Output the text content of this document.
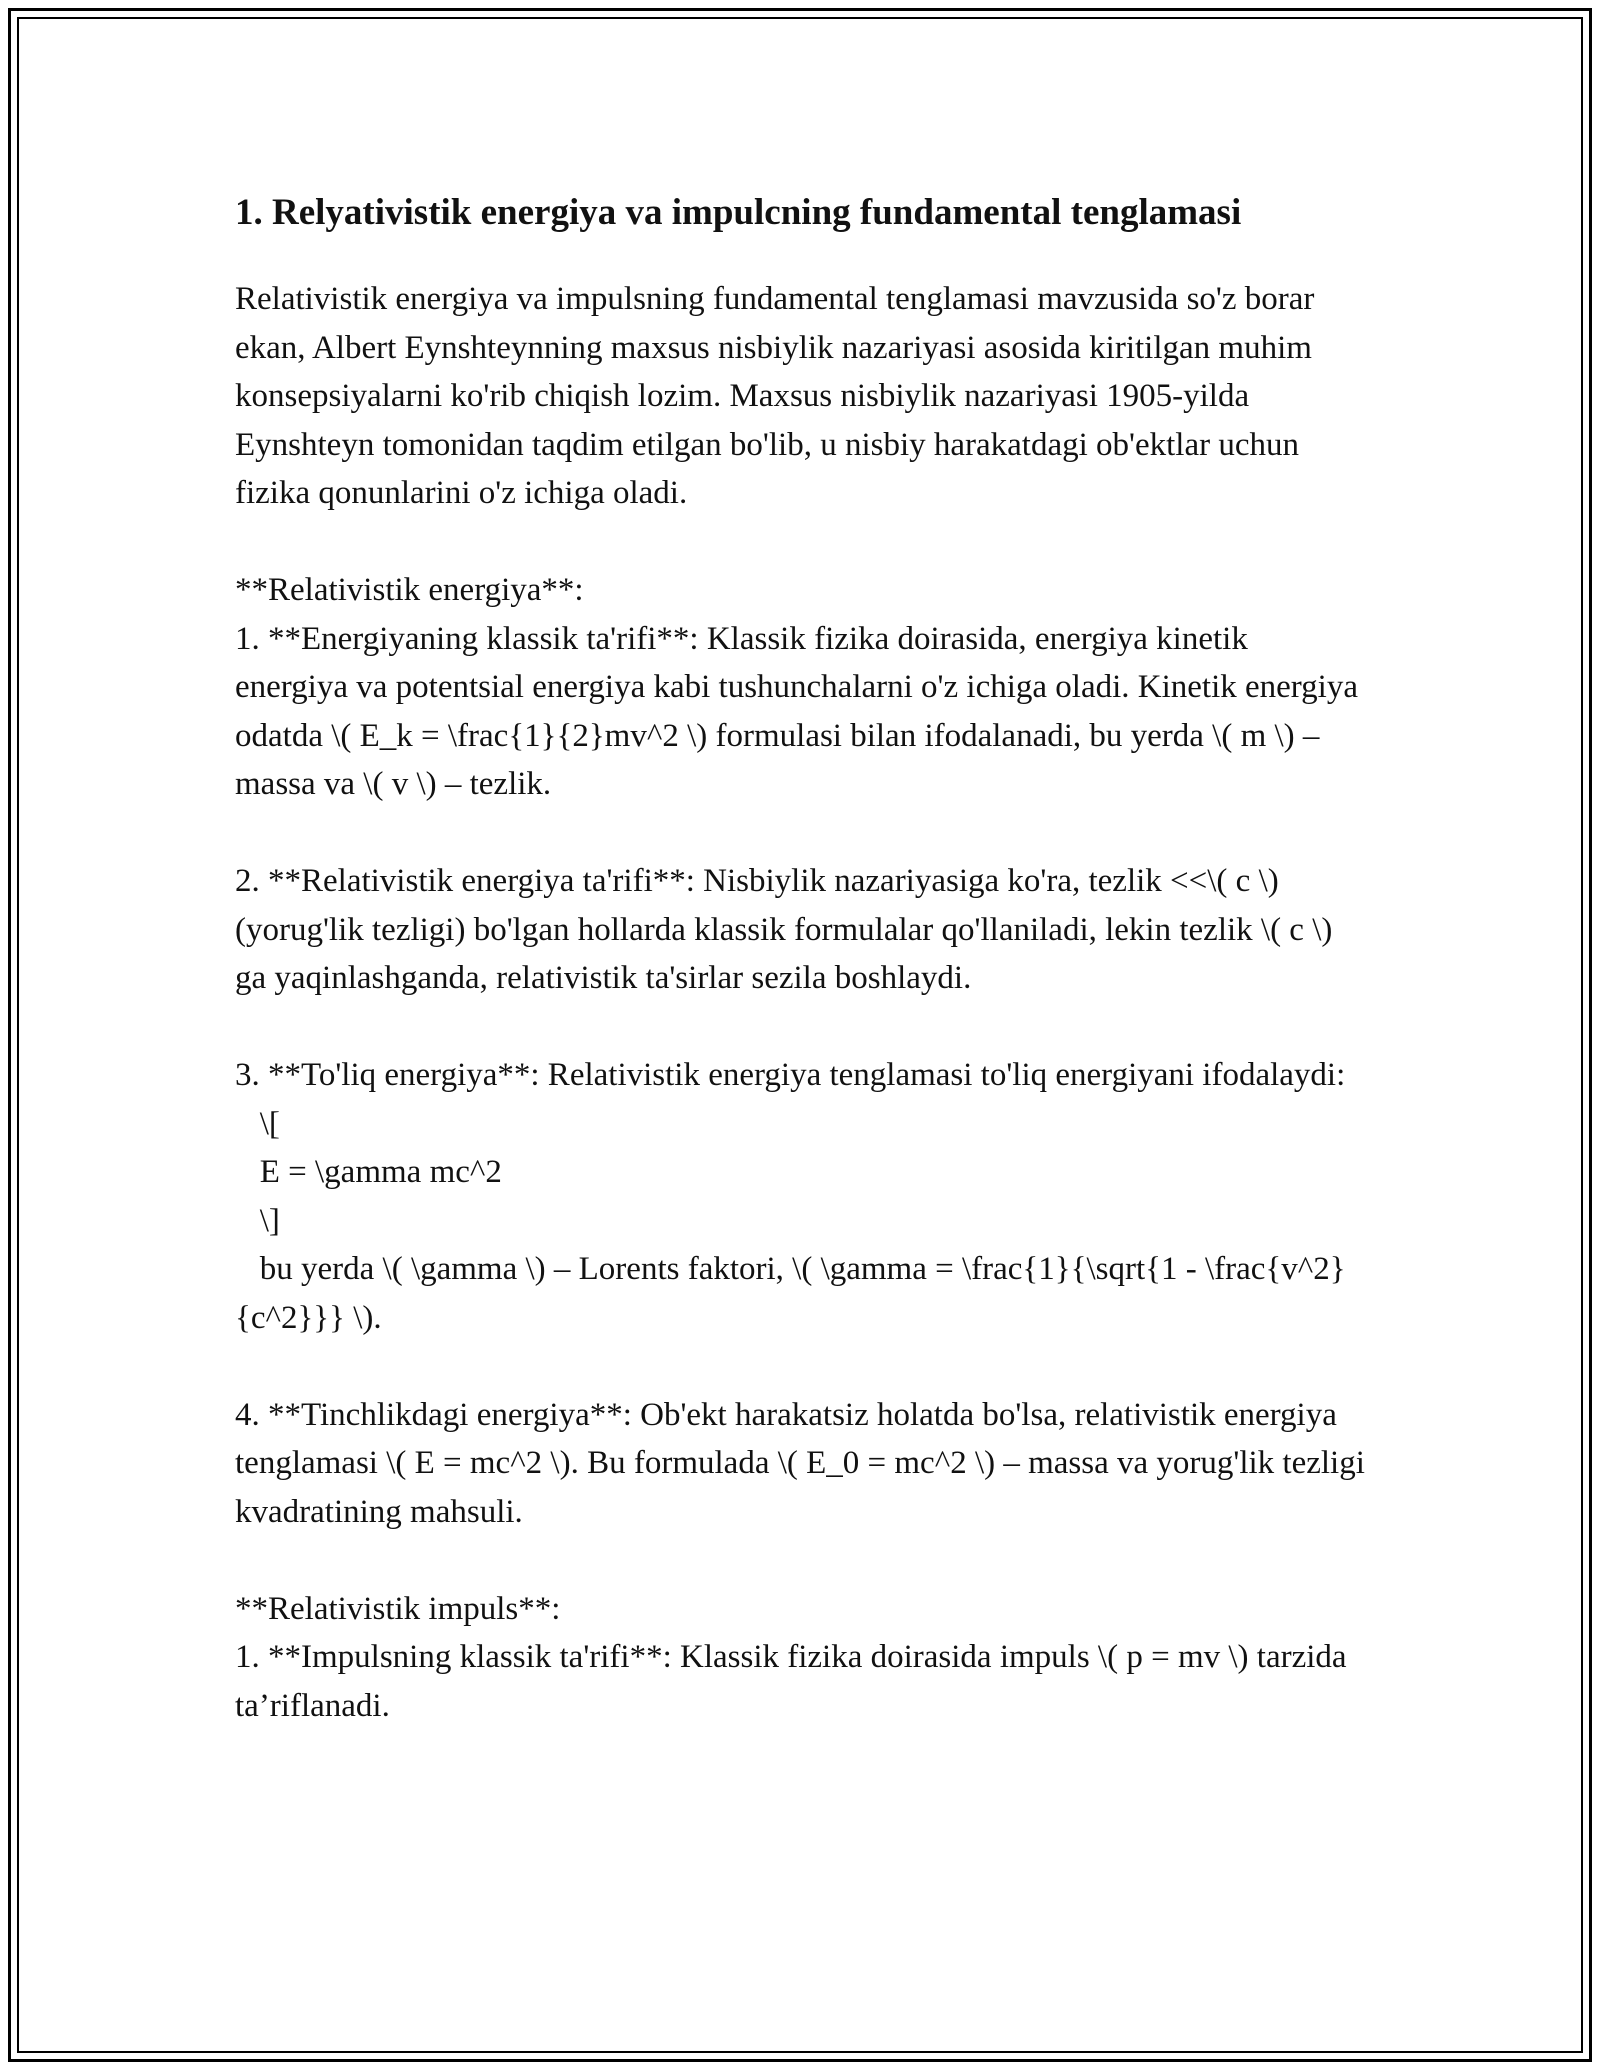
1. Relyativistik energiya va impulcning fundamental tenglamasi

Relativistik energiya va impulsning fundamental tenglamasi mavzusida so'z borar ekan, Albert Eynshteynning maxsus nisbiylik nazariyasi asosida kiritilgan muhim konsepsiyalarni ko'rib chiqish lozim. Maxsus nisbiylik nazariyasi 1905-yilda Eynshteyn tomonidan taqdim etilgan bo'lib, u nisbiy harakatdagi ob'ektlar uchun fizika qonunlarini o'z ichiga oladi.

**Relativistik energiya**:
1. **Energiyaning klassik ta'rifi**: Klassik fizika doirasida, energiya kinetik energiya va potentsial energiya kabi tushunchalarni o'z ichiga oladi. Kinetik energiya odatda \( E_k = \frac{1}{2}mv^2 \) formulasi bilan ifodalanadi, bu yerda \( m \) – massa va \( v \) – tezlik.

2. **Relativistik energiya ta'rifi**: Nisbiylik nazariyasiga ko'ra, tezlik <<\( c \) (yorug'lik tezligi) bo'lgan hollarda klassik formulalar qo'llaniladi, lekin tezlik \( c \) ga yaqinlashganda, relativistik ta'sirlar sezila boshlaydi.

3. **To'liq energiya**: Relativistik energiya tenglamasi to'liq energiyani ifodalaydi:
\[
E = \gamma mc^2
\]
bu yerda \( \gamma \) – Lorents faktori, \( \gamma = \frac{1}{\sqrt{1 - \frac{v^2}{c^2}}} \).

4. **Tinchlikdagi energiya**: Ob'ekt harakatsiz holatda bo'lsa, relativistik energiya tenglamasi \( E = mc^2 \). Bu formulada \( E_0 = mc^2 \) – massa va yorug'lik tezligi kvadratining mahsuli.

**Relativistik impuls**:
1. **Impulsning klassik ta'rifi**: Klassik fizika doirasida impuls \( p = mv \) tarzida ta’riflanadi.
